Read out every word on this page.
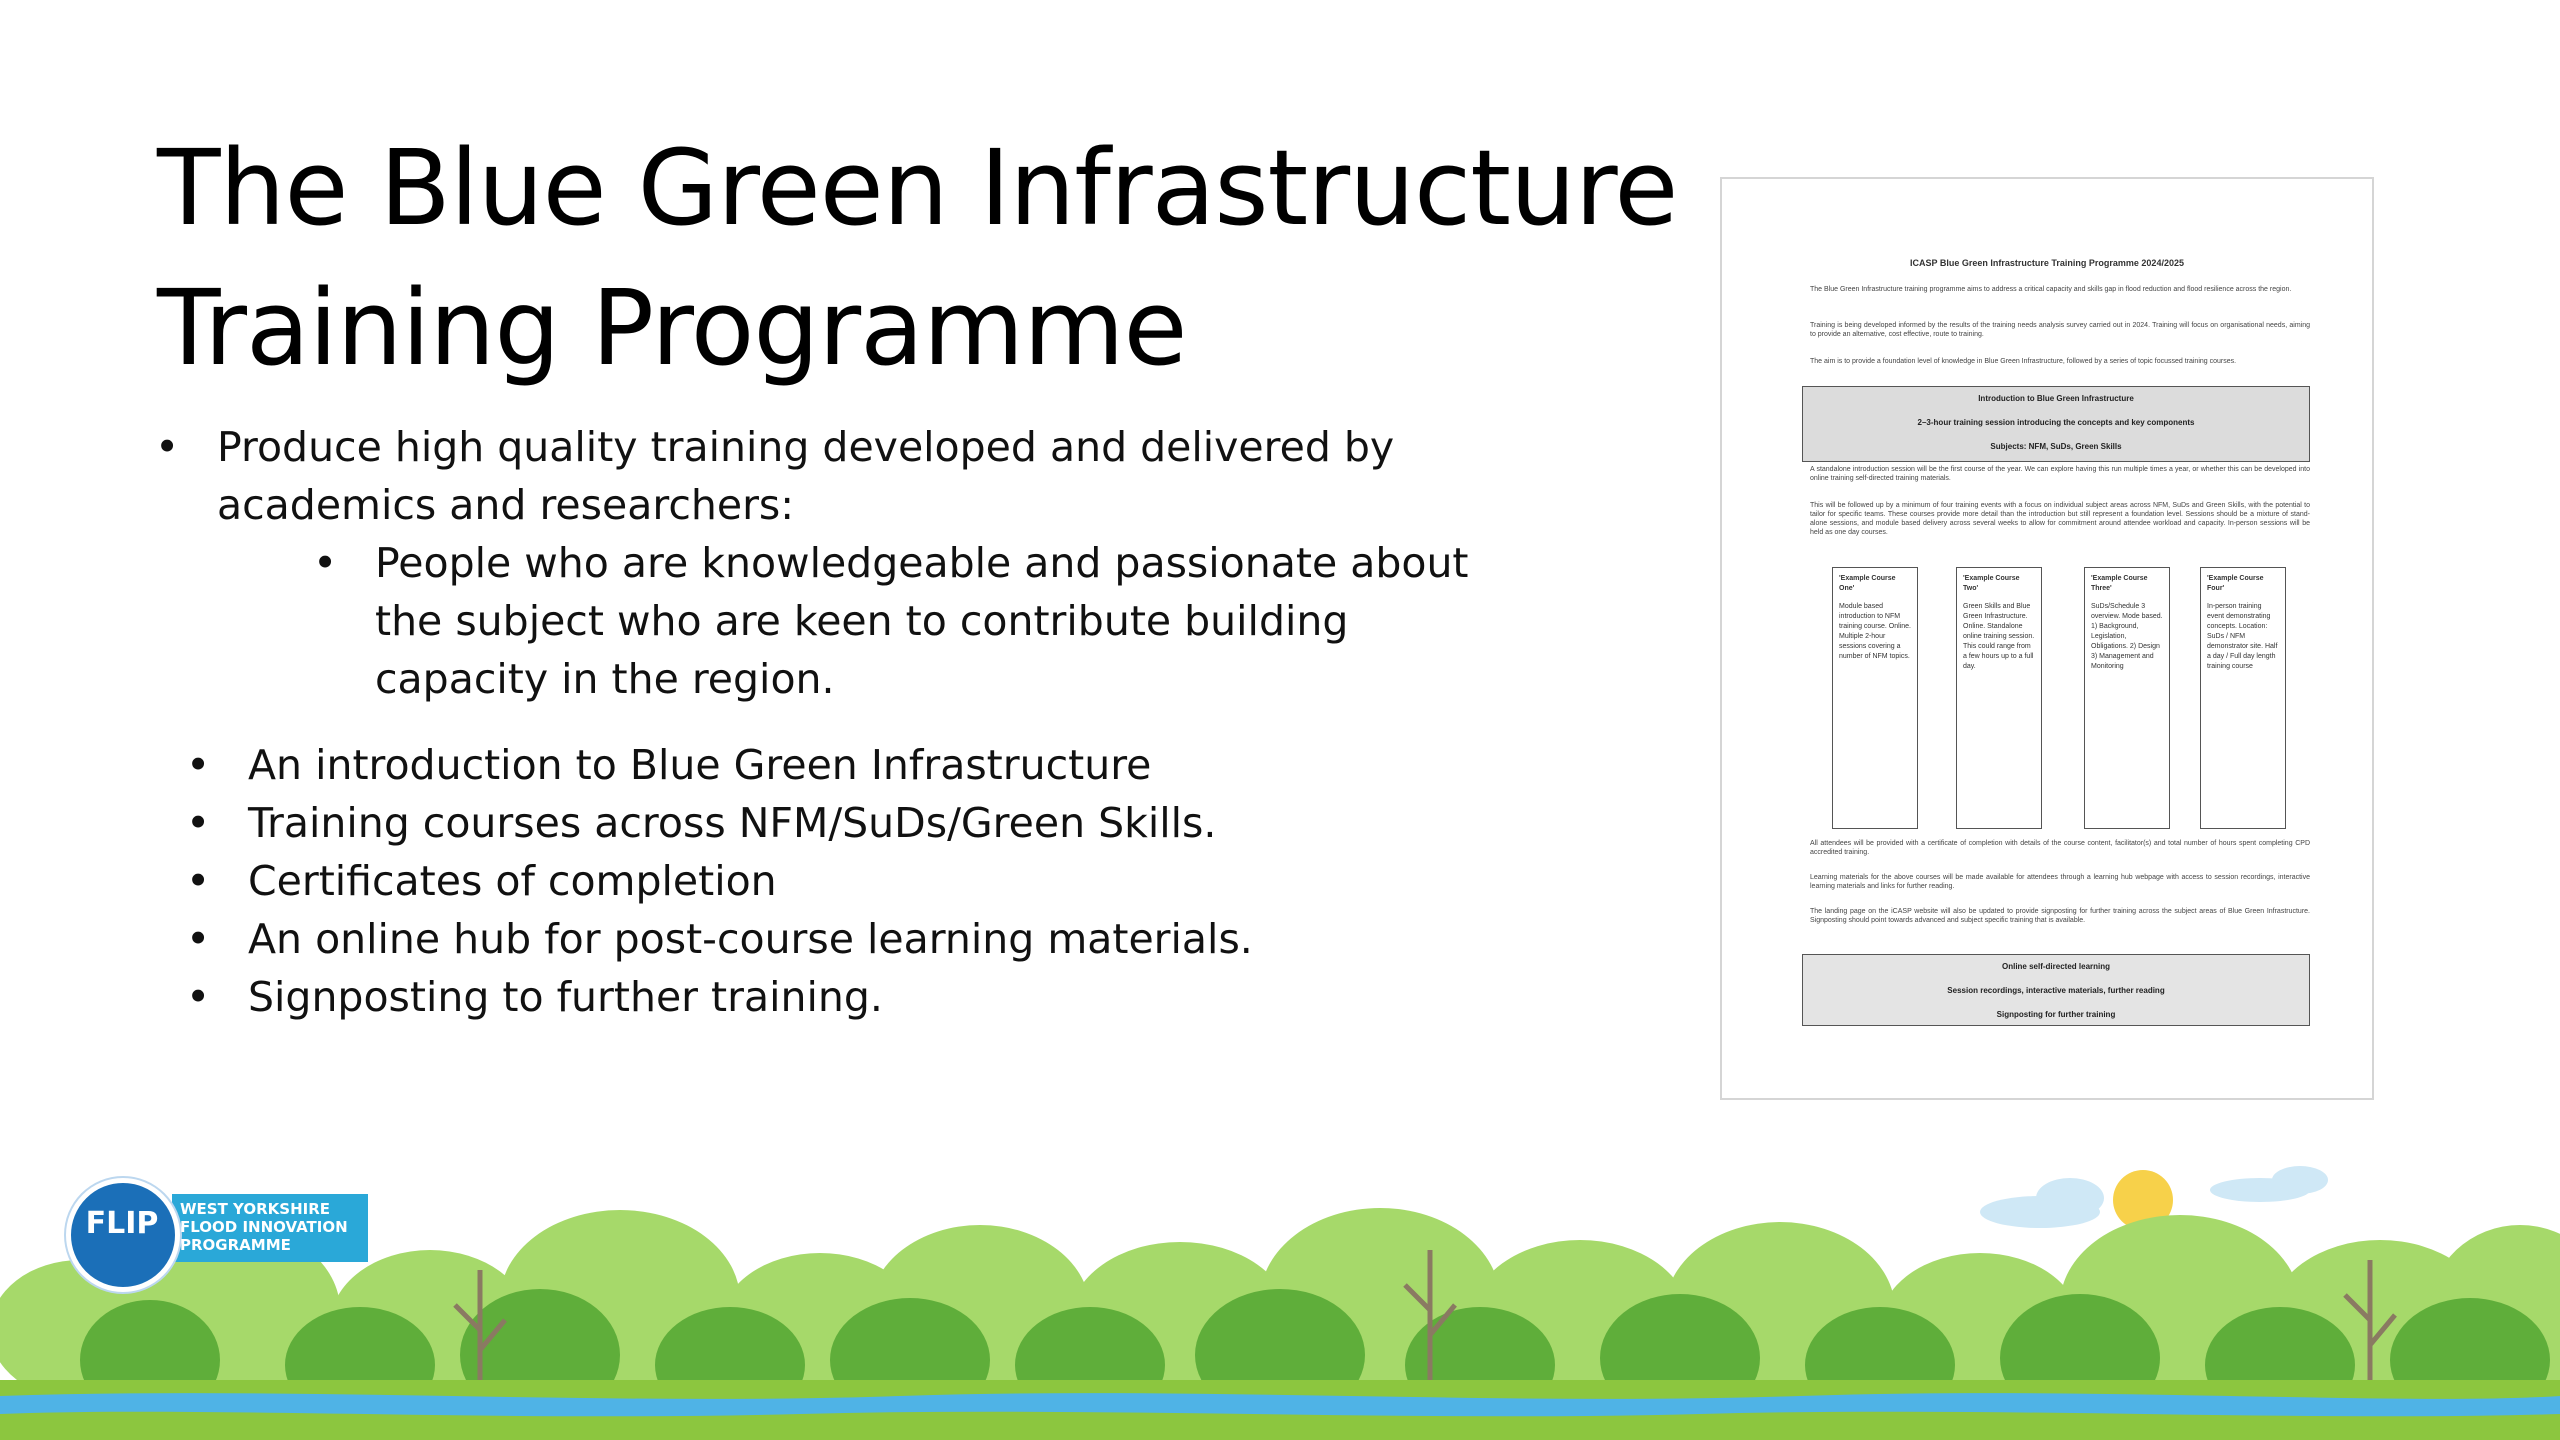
The Blue Green Infrastructure
Training Programme
• Produce high quality training developed and delivered by academics and researchers:
• People who are knowledgeable and passionate about the subject who are keen to contribute building capacity in the region.
• An introduction to Blue Green Infrastructure
• Training courses across NFM/SuDs/Green Skills.
• Certificates of completion
• An online hub for post-course learning materials.
• Signposting to further training.
ICASP Blue Green Infrastructure Training Programme 2024/2025
The Blue Green Infrastructure training programme aims to address a critical capacity and skills gap in flood reduction and flood resilience across the region.
Training is being developed informed by the results of the training needs analysis survey carried out in 2024. Training will focus on organisational needs, aiming to provide an alternative, cost effective, route to training.
The aim is to provide a foundation level of knowledge in Blue Green Infrastructure, followed by a series of topic focussed training courses.
Introduction to Blue Green Infrastructure
2–3-hour training session introducing the concepts and key components
Subjects: NFM, SuDs, Green Skills
A standalone introduction session will be the first course of the year. We can explore having this run multiple times a year, or whether this can be developed into online training self-directed training materials.
This will be followed up by a minimum of four training events with a focus on individual subject areas across NFM, SuDs and Green Skills, with the potential to tailor for specific teams. These courses provide more detail than the introduction but still represent a foundation level. Sessions should be a mixture of stand-alone sessions, and module based delivery across several weeks to allow for commitment around attendee workload and capacity. In-person sessions will be held as one day courses.
'Example Course One'
Module based introduction to NFM training course. Online. Multiple 2-hour sessions covering a number of NFM topics.
'Example Course Two'
Green Skills and Blue Green Infrastructure. Online. Standalone online training session. This could range from a few hours up to a full day.
'Example Course Three'
SuDs/Schedule 3 overview. Mode based. 1) Background, Legislation, Obligations. 2) Design 3) Management and Monitoring
'Example Course Four'
In-person training event demonstrating concepts. Location: SuDs / NFM demonstrator site. Half a day / Full day length training course
All attendees will be provided with a certificate of completion with details of the course content, facilitator(s) and total number of hours spent completing CPD accredited training.
Learning materials for the above courses will be made available for attendees through a learning hub webpage with access to session recordings, interactive learning materials and links for further reading.
The landing page on the iCASP website will also be updated to provide signposting for further training across the subject areas of Blue Green Infrastructure. Signposting should point towards advanced and subject specific training that is available.
Online self-directed learning
Session recordings, interactive materials, further reading
Signposting for further training
FLIP	WEST YORKSHIRE
FLOOD INNOVATION
PROGRAMME
